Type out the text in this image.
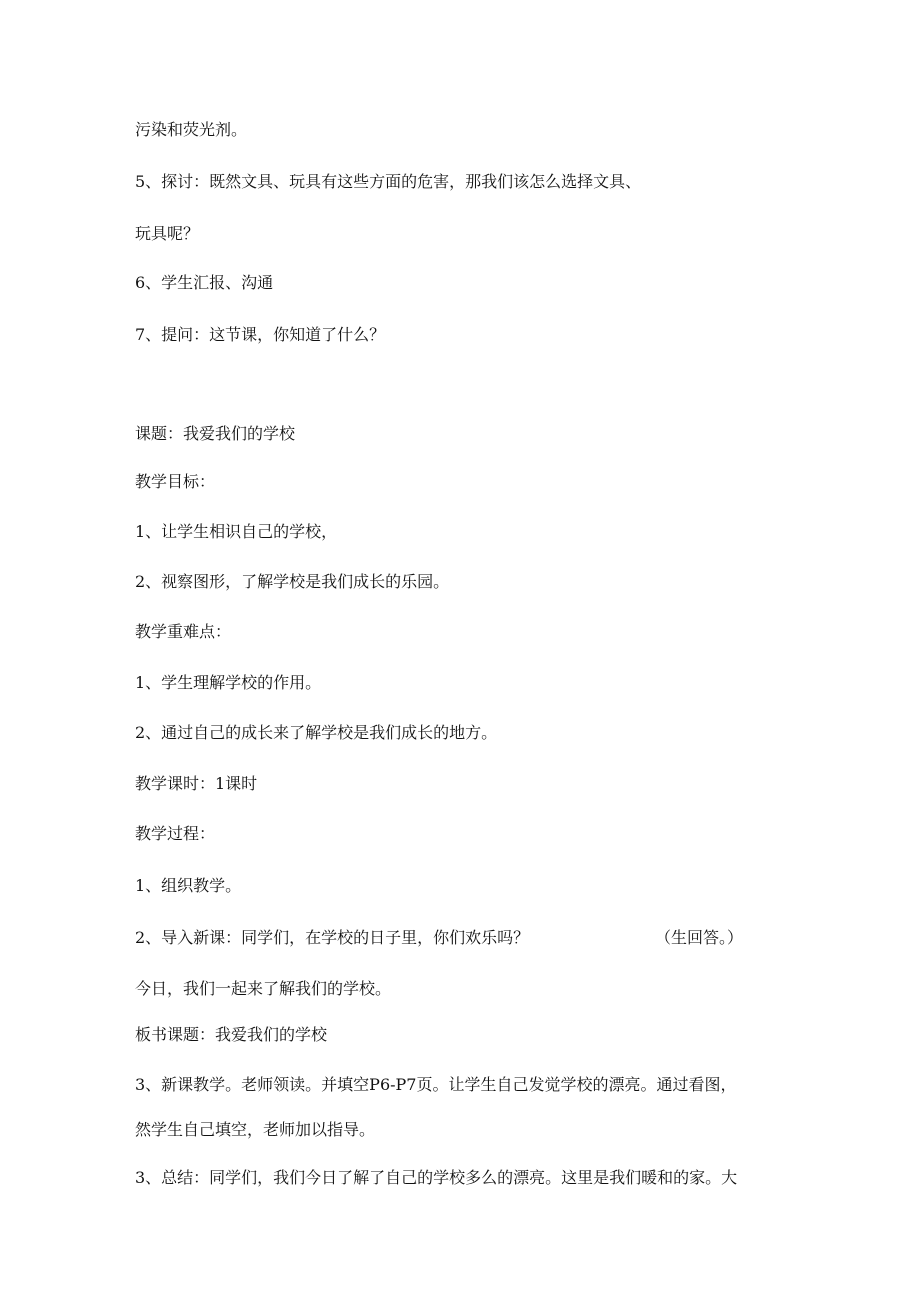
污染和荧光剂。
5、探讨：既然文具、玩具有这些方面的危害，那我们该怎么选择文具、
玩具呢？
6、学生汇报、沟通
7、提问：这节课，你知道了什么？
课题：我爱我们的学校
教学目标：
1、让学生相识自己的学校，
2、视察图形，了解学校是我们成长的乐园。
教学重难点：
1、学生理解学校的作用。
2、通过自己的成长来了解学校是我们成长的地方。
教学课时：1课时
教学过程：
1、组织教学。
2、导入新课：同学们，在学校的日子里，你们欢乐吗？	（生回答。）
今日，我们一起来了解我们的学校。
板书课题：我爱我们的学校
3、新课教学。老师领读。并填空P6-P7页。让学生自己发觉学校的漂亮。通过看图，
然学生自己填空，老师加以指导。
3、总结：同学们，我们今日了解了自己的学校多么的漂亮。这里是我们暖和的家。大
